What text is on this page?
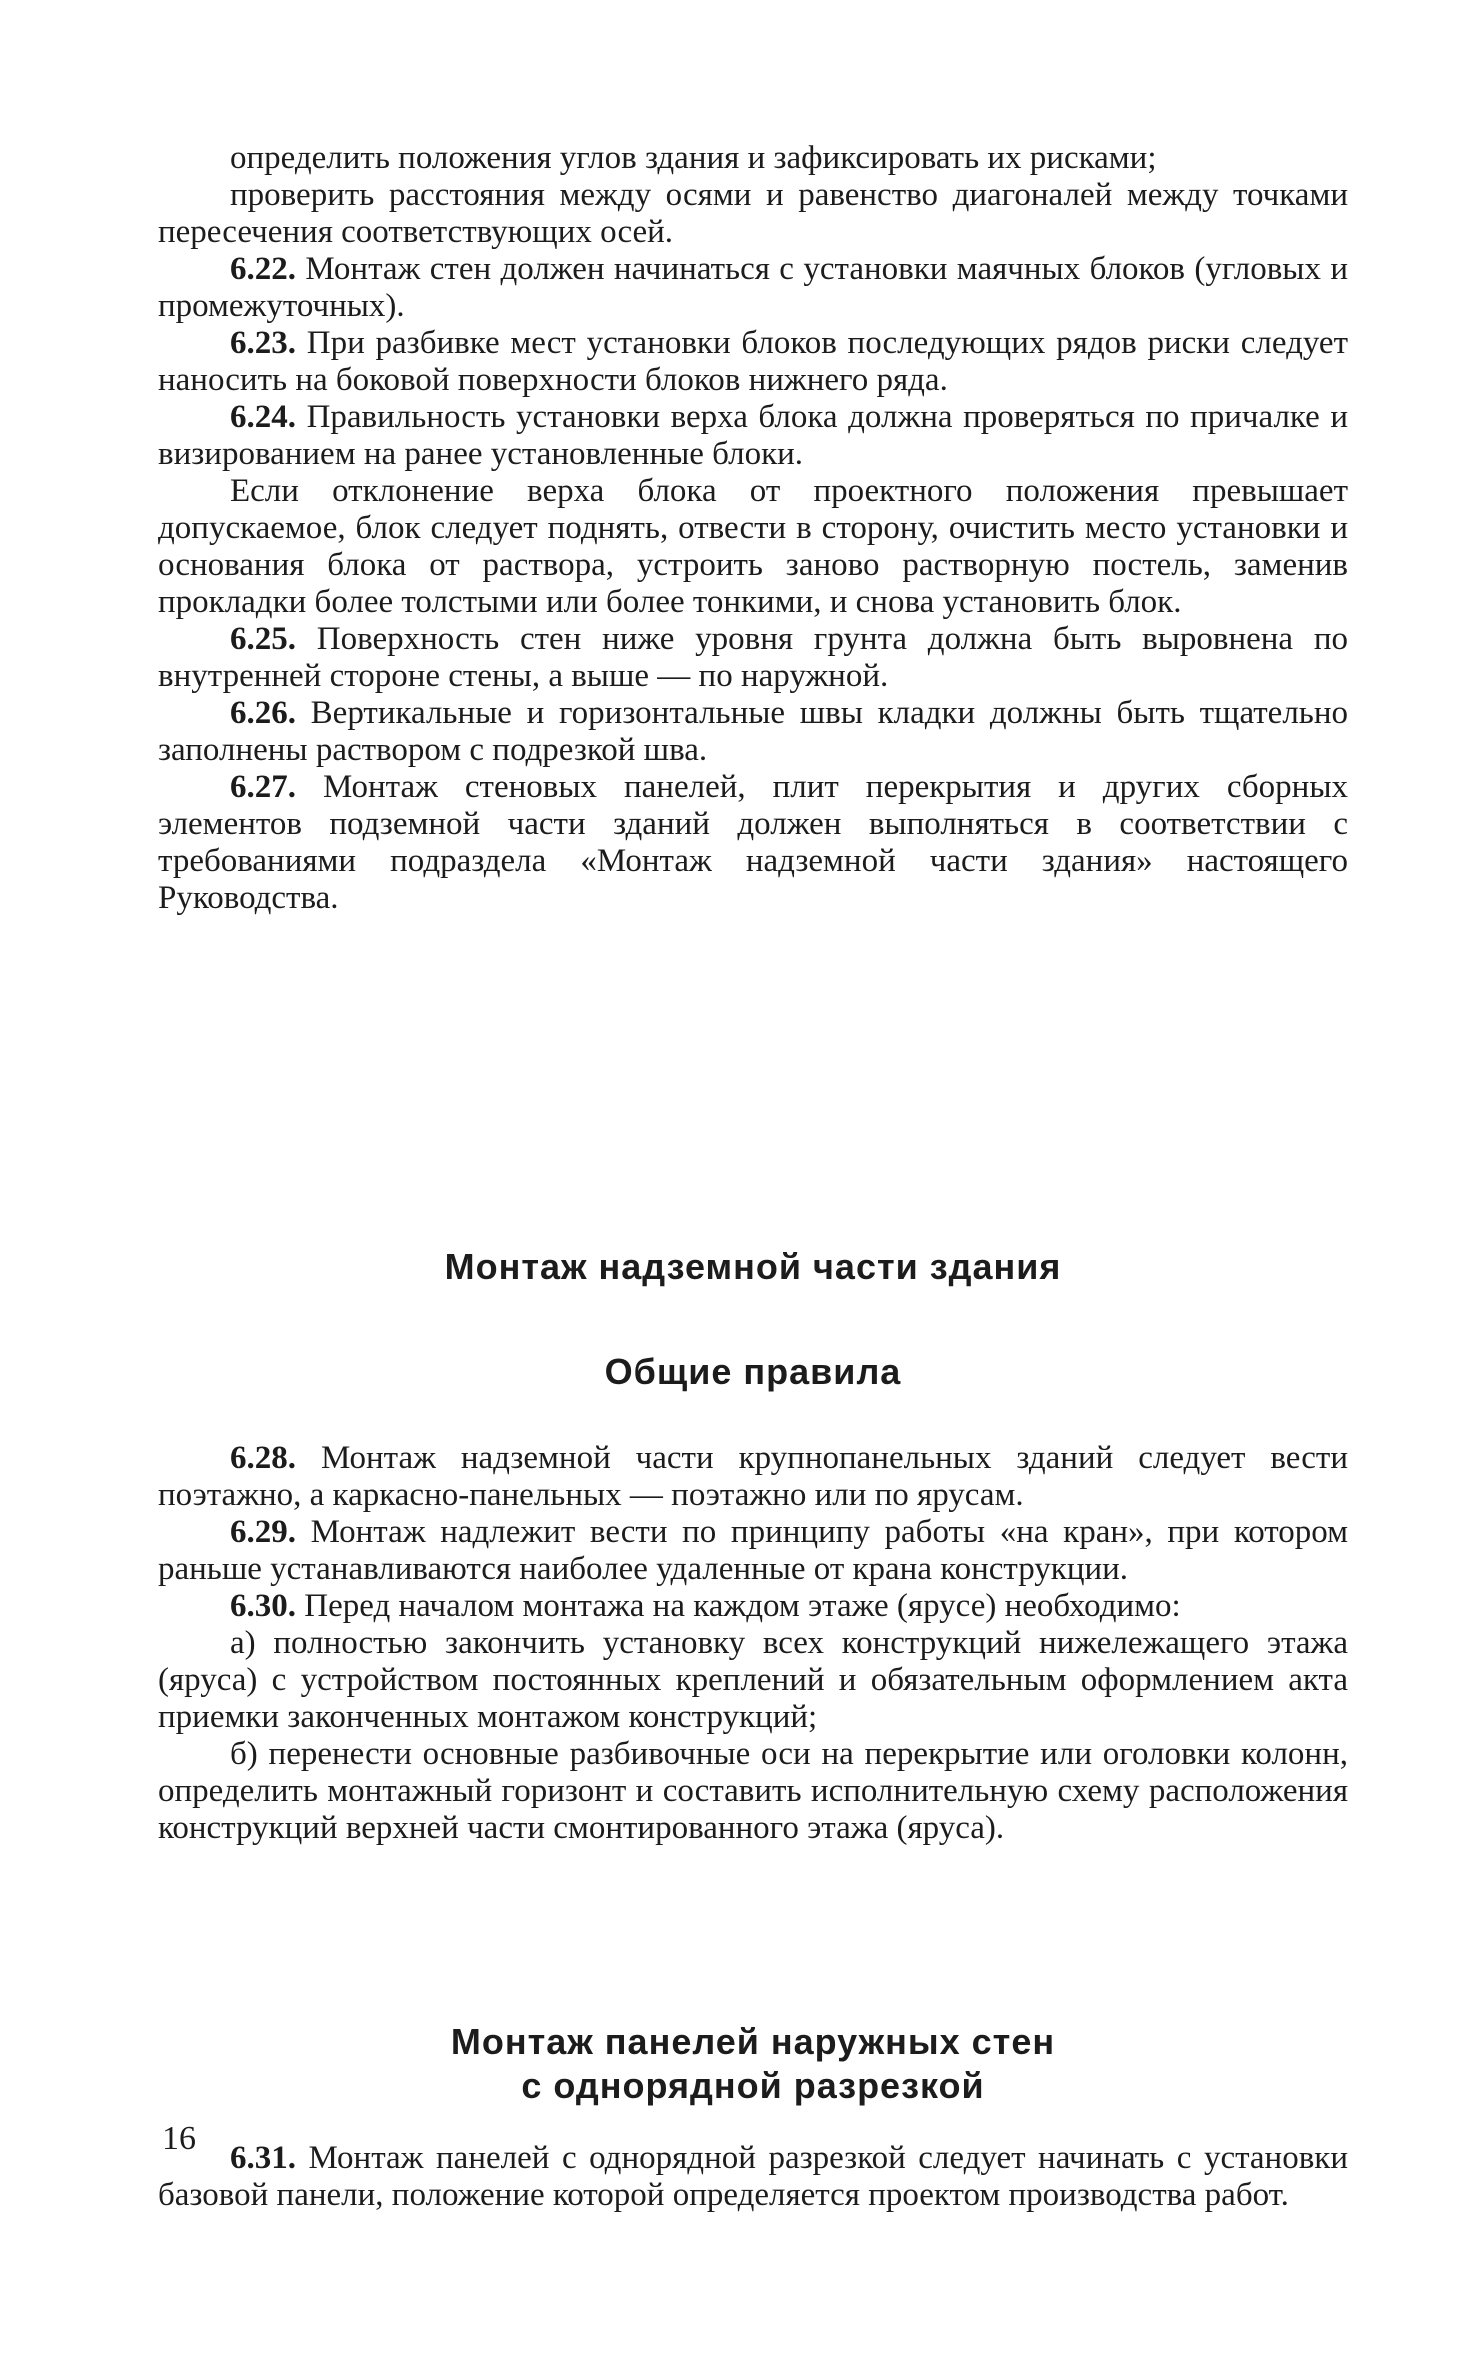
определить положения углов здания и зафиксировать их рисками;

проверить расстояния между осями и равенство диагоналей между точками пересечения соответствующих осей.

6.22. Монтаж стен должен начинаться с установки маячных блоков (угловых и промежуточных).

6.23. При разбивке мест установки блоков последующих рядов риски следует наносить на боковой поверхности блоков нижнего ряда.

6.24. Правильность установки верха блока должна проверяться по причалке и визированием на ранее установленные блоки.

Если отклонение верха блока от проектного положения превышает допускаемое, блок следует поднять, отвести в сторону, очистить место установки и основания блока от раствора, устроить заново растворную постель, заменив прокладки более толстыми или более тонкими, и снова установить блок.

6.25. Поверхность стен ниже уровня грунта должна быть выровнена по внутренней стороне стены, а выше — по наружной.

6.26. Вертикальные и горизонтальные швы кладки должны быть тщательно заполнены раствором с подрезкой шва.

6.27. Монтаж стеновых панелей, плит перекрытия и других сборных элементов подземной части зданий должен выполняться в соответствии с требованиями подраздела «Монтаж надземной части здания» настоящего Руководства.

Монтаж надземной части здания
Общие правила

6.28. Монтаж надземной части крупнопанельных зданий следует вести поэтажно, а каркасно-панельных — поэтажно или по ярусам.

6.29. Монтаж надлежит вести по принципу работы «на кран», при котором раньше устанавливаются наиболее удаленные от крана конструкции.

6.30. Перед началом монтажа на каждом этаже (ярусе) необходимо:

а) полностью закончить установку всех конструкций нижележащего этажа (яруса) с устройством постоянных креплений и обязательным оформлением акта приемки законченных монтажом конструкций;

б) перенести основные разбивочные оси на перекрытие или оголовки колонн, определить монтажный горизонт и составить исполнительную схему расположения конструкций верхней части смонтированного этажа (яруса).

Монтаж панелей наружных стен
с однорядной разрезкой

6.31. Монтаж панелей с однорядной разрезкой следует начинать с установки базовой панели, положение которой определяется проектом производства работ.

16
